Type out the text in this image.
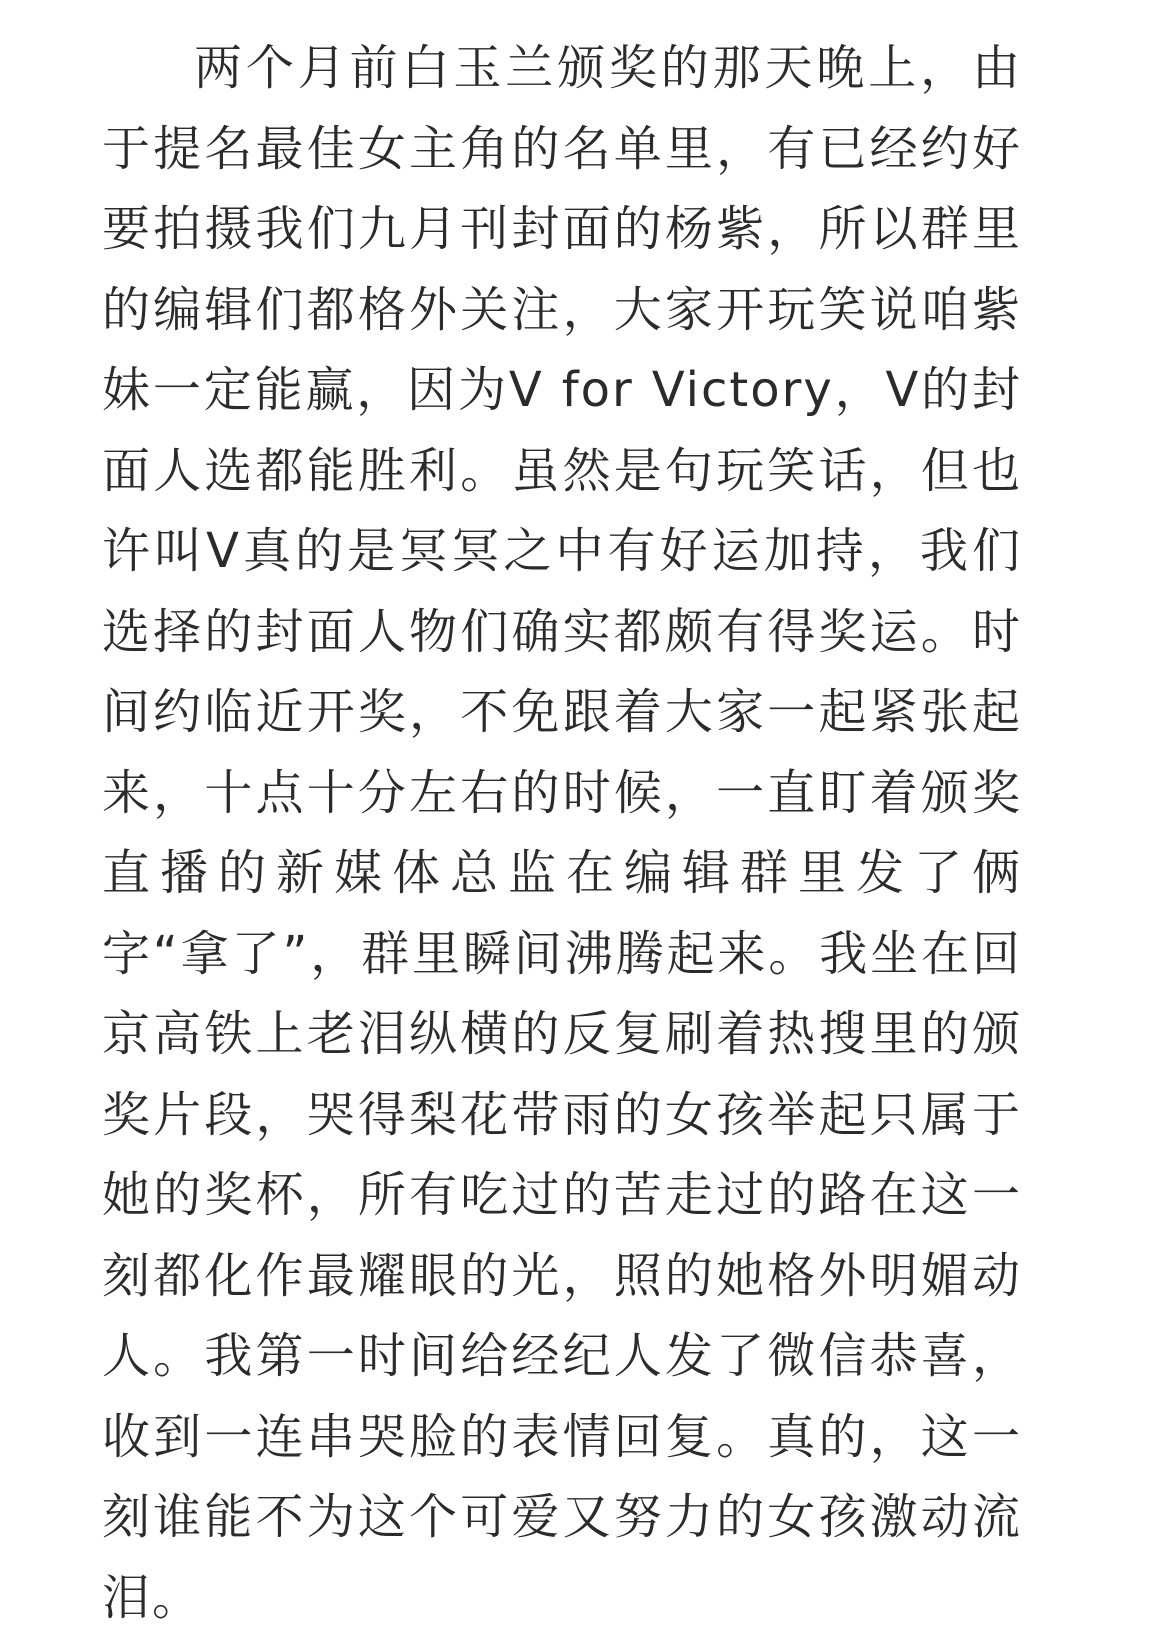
两个月前白玉兰颁奖的那天晚上，由于提名最佳女主角的名单里，有已经约好要拍摄我们九月刊封面的杨紫，所以群里的编辑们都格外关注，大家开玩笑说咱紫妹一定能赢，因为V for Victory，V的封面人选都能胜利。虽然是句玩笑话，但也许叫V真的是冥冥之中有好运加持，我们选择的封面人物们确实都颇有得奖运。时间约临近开奖，不免跟着大家一起紧张起来，十点十分左右的时候，一直盯着颁奖直播的新媒体总监在编辑群里发了俩字“拿了”，群里瞬间沸腾起来。我坐在回京高铁上老泪纵横的反复刷着热搜里的颁奖片段，哭得梨花带雨的女孩举起只属于她的奖杯，所有吃过的苦走过的路在这一刻都化作最耀眼的光，照的她格外明媚动人。我第一时间给经纪人发了微信恭喜，收到一连串哭脸的表情回复。真的，这一刻谁能不为这个可爱又努力的女孩激动流泪。
